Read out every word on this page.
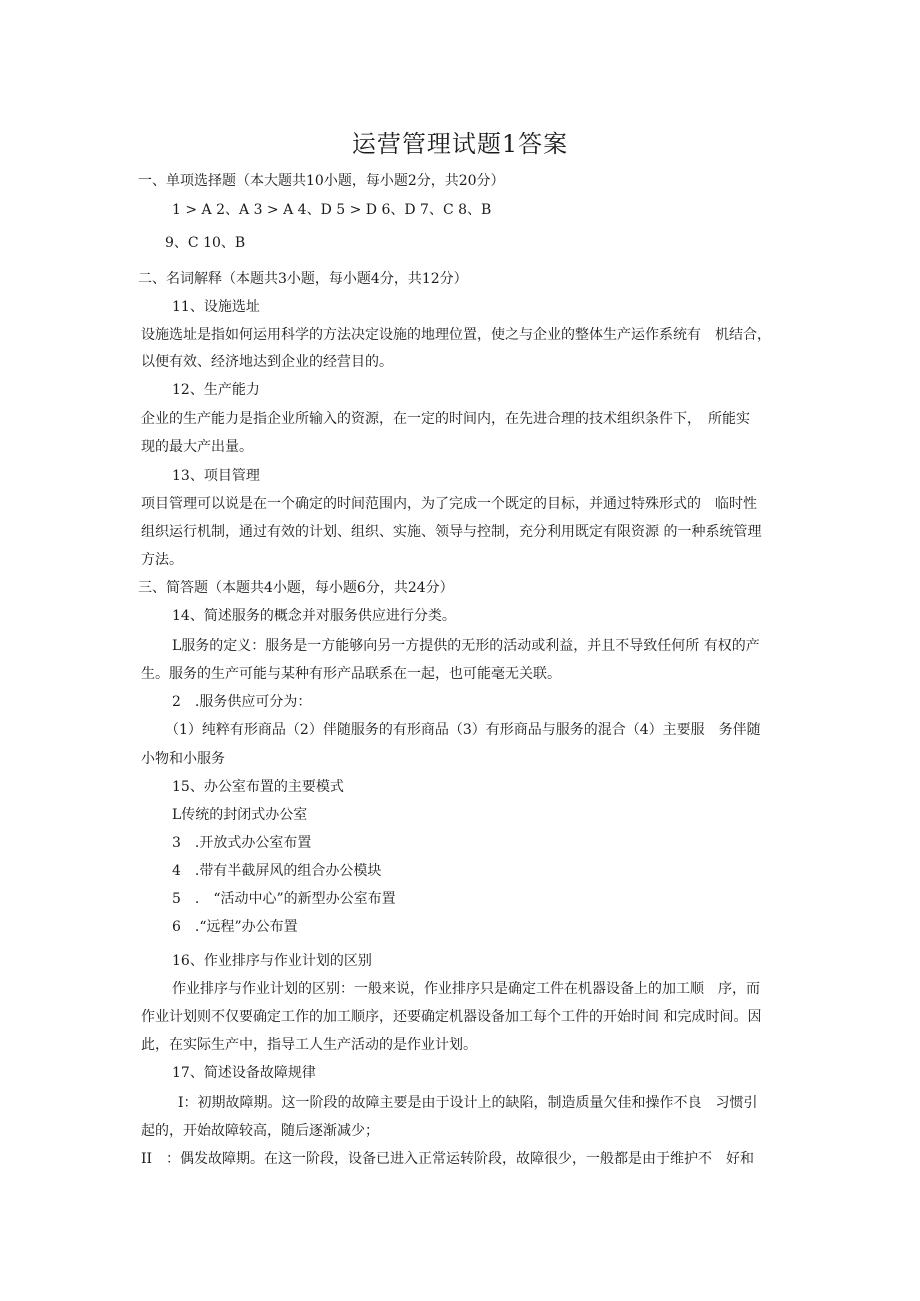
运营管理试题1答案
一、单项选择题（本大题共10小题，每小题2分，共20分）
1 > A 2、A 3 > A 4、D 5 > D 6、D 7、C 8、B
9、C 10、B
二、名词解释（本题共3小题，每小题4分，共12分）
11、设施选址
设施选址是指如何运用科学的方法决定设施的地理位置，使之与企业的整体生产运作系统有　机结合，
以便有效、经济地达到企业的经营目的。
12、生产能力
企业的生产能力是指企业所输入的资源，在一定的时间内，在先进合理的技术组织条件下，　所能实
现的最大产出量。
13、项目管理
项目管理可以说是在一个确定的时间范围内，为了完成一个既定的目标，并通过特殊形式的　临时性
组织运行机制，通过有效的计划、组织、实施、领导与控制，充分利用既定有限资源 的一种系统管理
方法。
三、简答题（本题共4小题，每小题6分，共24分）
14、简述服务的概念并对服务供应进行分类。
L服务的定义：服务是一方能够向另一方提供的无形的活动或利益，并且不导致任何所 有权的产
生。服务的生产可能与某种有形产品联系在一起，也可能毫无关联。
2　.服务供应可分为：
（1）纯粹有形商品（2）伴随服务的有形商品（3）有形商品与服务的混合（4）主要服　务伴随
小物和小服务
15、办公室布置的主要模式
L传统的封闭式办公室
3　.开放式办公室布置
4　.带有半截屏风的组合办公模块
5　.　“活动中心”的新型办公室布置
6　.“远程”办公布置
16、作业排序与作业计划的区别
作业排序与作业计划的区别：一般来说，作业排序只是确定工件在机器设备上的加工顺　序，而
作业计划则不仅要确定工作的加工顺序，还要确定机器设备加工每个工件的开始时间 和完成时间。因
此，在实际生产中，指导工人生产活动的是作业计划。
17、简述设备故障规律
Ⅰ：初期故障期。这一阶段的故障主要是由于设计上的缺陷，制造质量欠佳和操作不良　习惯引
起的，开始故障较高，随后逐渐减少；
II　：偶发故障期。在这一阶段，设备已进入正常运转阶段，故障很少，一般都是由于维护不　好和
